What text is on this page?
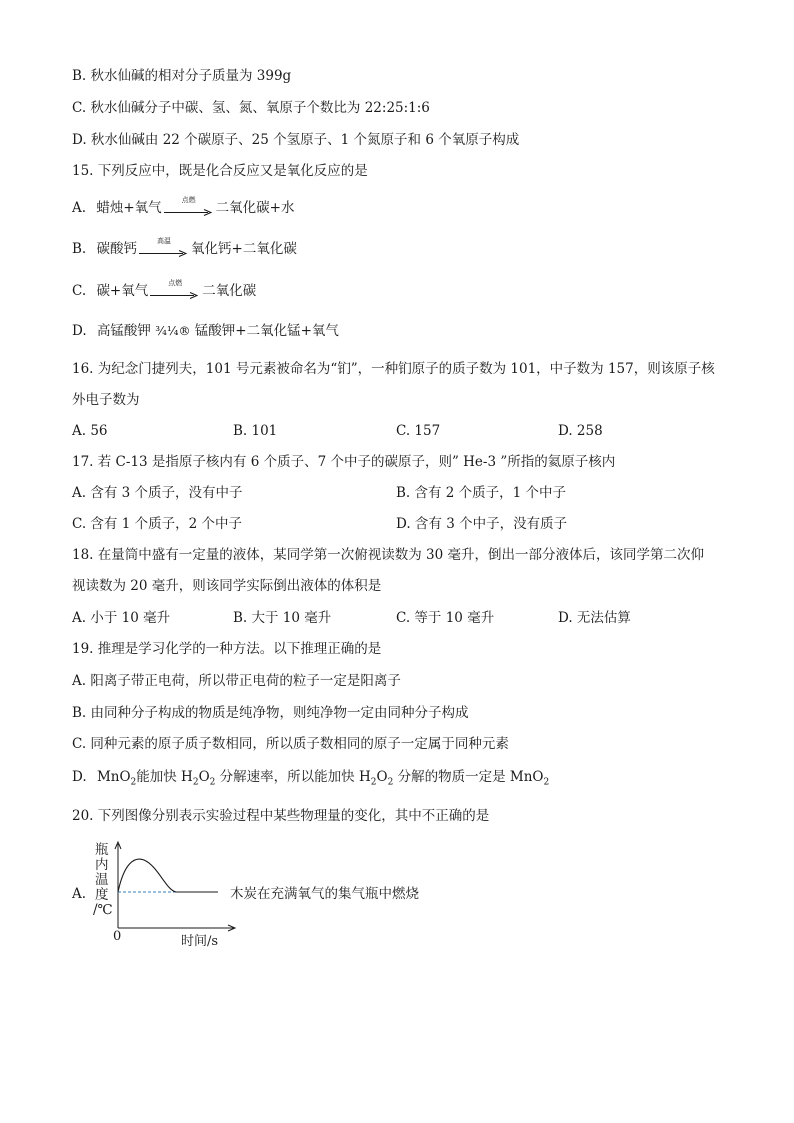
B. 秋水仙碱的相对分子质量为 399g
C. 秋水仙碱分子中碳、氢、氮、氧原子个数比为 22:25:1:6
D. 秋水仙碱由 22 个碳原子、25 个氢原子、1 个氮原子和 6 个氧原子构成
15. 下列反应中，既是化合反应又是氧化反应的是
A. 蜡烛+氧气
点燃
二氧化碳+水
B. 碳酸钙
高温
氧化钙+二氧化碳
C. 碳+氧气
点燃
二氧化碳
D. 高锰酸钾 ¾¼® 锰酸钾+二氧化锰+氧气
16. 为纪念门捷列夫，101 号元素被命名为“钔”，一种钔原子的质子数为 101，中子数为 157，则该原子核
外电子数为
A. 56	B. 101	C. 157	D. 258
17. 若 C-13 是指原子核内有 6 个质子、7 个中子的碳原子，则” He-3 ”所指的氦原子核内
A. 含有 3 个质子，没有中子	B. 含有 2 个质子，1 个中子
C. 含有 1 个质子，2 个中子	D. 含有 3 个中子，没有质子
18. 在量筒中盛有一定量的液体，某同学第一次俯视读数为 30 毫升，倒出一部分液体后，该同学第二次仰
视读数为 20 毫升，则该同学实际倒出液体的体积是
A. 小于 10 毫升	B. 大于 10 毫升	C. 等于 10 毫升	D. 无法估算
19. 推理是学习化学的一种方法。以下推理正确的是
A. 阳离子带正电荷，所以带正电荷的粒子一定是阳离子
B. 由同种分子构成的物质是纯净物，则纯净物一定由同种分子构成
C. 同种元素的原子质子数相同，所以质子数相同的原子一定属于同种元素
D. MnO$_2$能加快 $H_2O_2$ 分解速率，所以能加快 $H_2O_2$ 分解的物质一定是 MnO$_2$
20. 下列图像分别表示实验过程中某些物理量的变化，其中不正确的是
A.
瓶
内
温
度
/℃
0	时间/s
木炭在充满氧气的集气瓶中燃烧
